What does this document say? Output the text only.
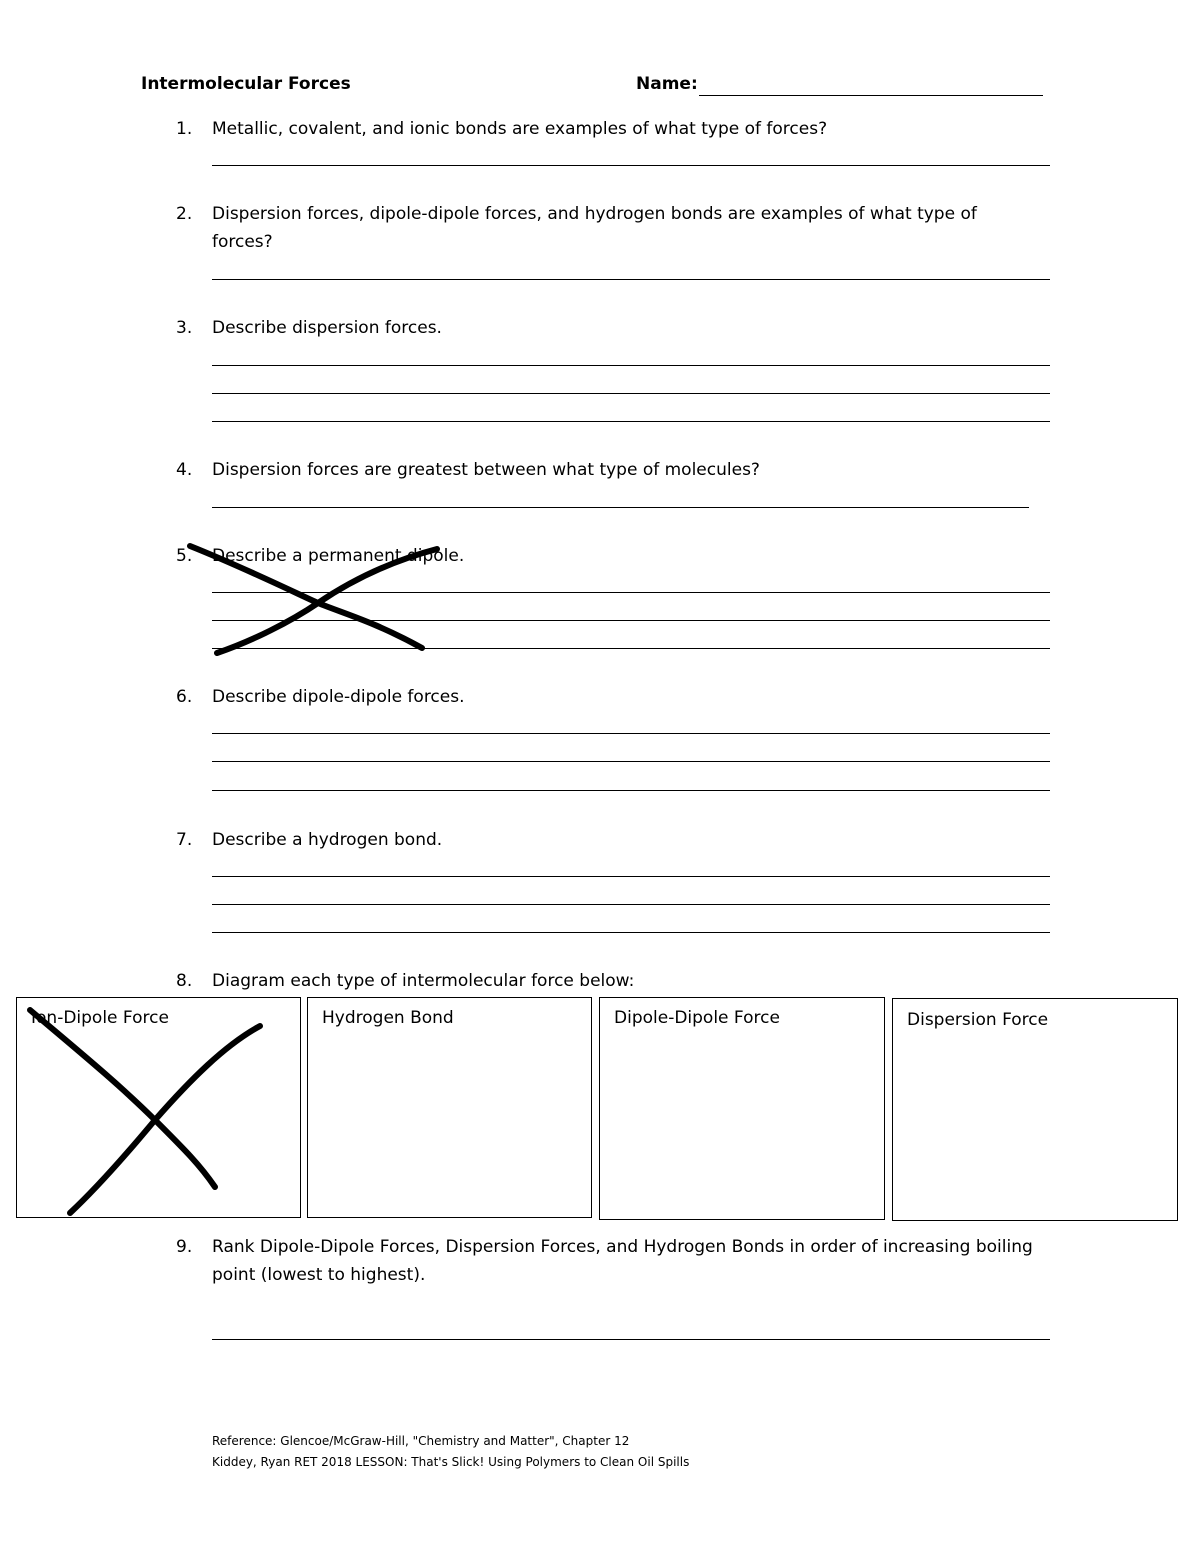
Intermolecular Forces	Name:
1. Metallic, covalent, and ionic bonds are examples of what type of forces?
2. Dispersion forces, dipole-dipole forces, and hydrogen bonds are examples of what type of
forces?
3. Describe dispersion forces.
4. Dispersion forces are greatest between what type of molecules?
5. Describe a permanent dipole.
6. Describe dipole-dipole forces.
7. Describe a hydrogen bond.
8. Diagram each type of intermolecular force below:
Ion-Dipole Force	Hydrogen Bond	Dipole-Dipole Force	Dispersion Force
9. Rank Dipole-Dipole Forces, Dispersion Forces, and Hydrogen Bonds in order of increasing boiling
point (lowest to highest).
Reference: Glencoe/McGraw-Hill, "Chemistry and Matter", Chapter 12
Kiddey, Ryan RET 2018 LESSON: That's Slick! Using Polymers to Clean Oil Spills
